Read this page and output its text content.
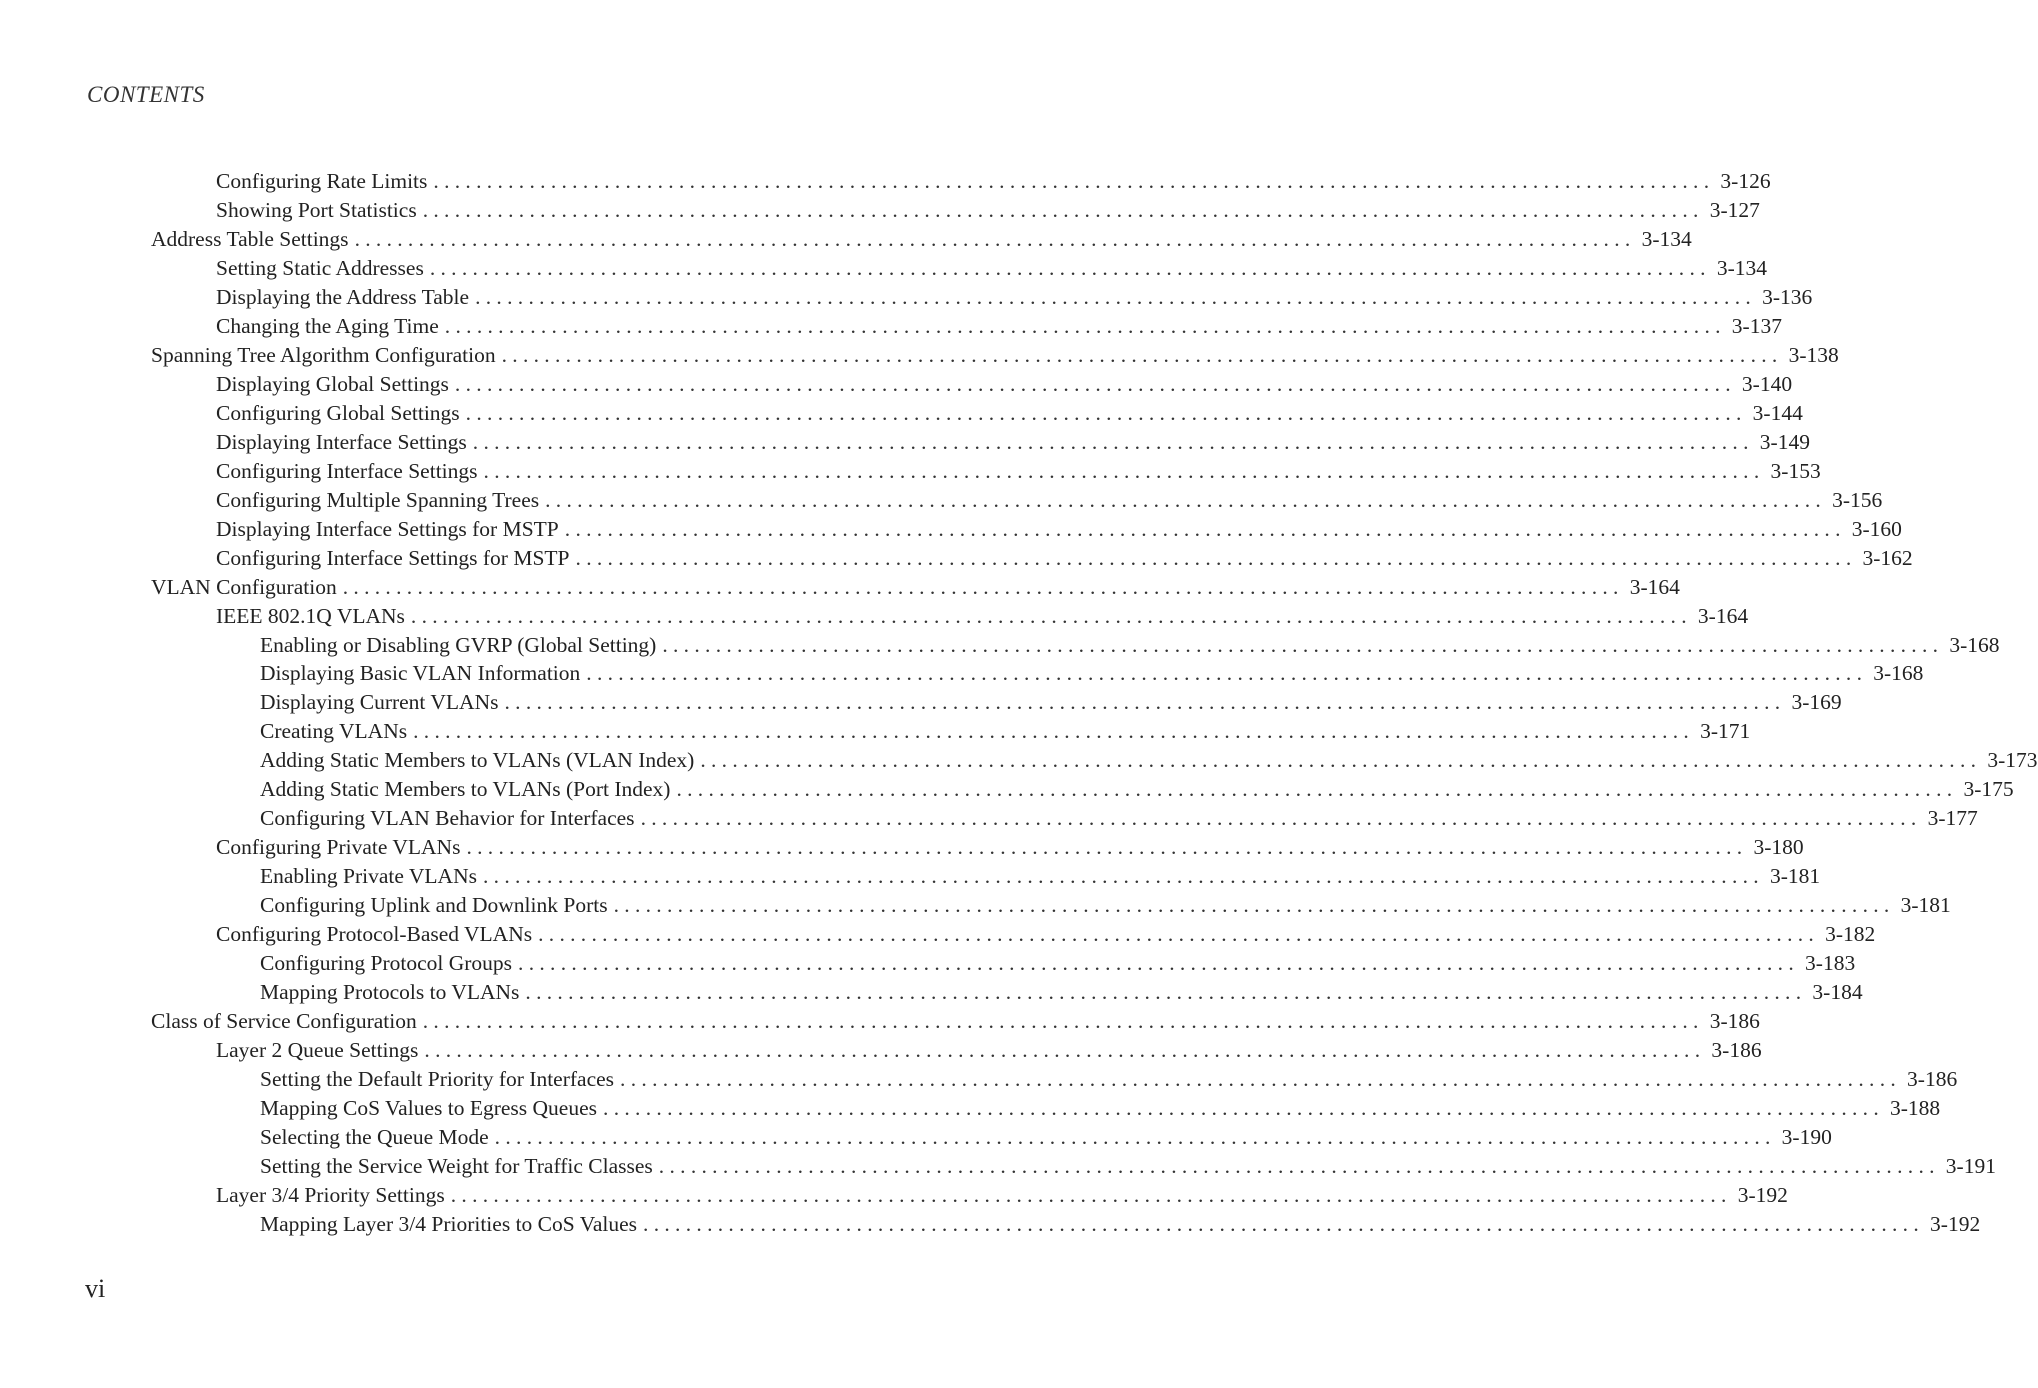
CONTENTS
Configuring Rate Limits ........................................................................................................................ 3-126
Showing Port Statistics ........................................................................................................................ 3-127
Address Table Settings ........................................................................................................................ 3-134
Setting Static Addresses ........................................................................................................................ 3-134
Displaying the Address Table ........................................................................................................................ 3-136
Changing the Aging Time ........................................................................................................................ 3-137
Spanning Tree Algorithm Configuration ........................................................................................................................ 3-138
Displaying Global Settings ........................................................................................................................ 3-140
Configuring Global Settings ........................................................................................................................ 3-144
Displaying Interface Settings ........................................................................................................................ 3-149
Configuring Interface Settings ........................................................................................................................ 3-153
Configuring Multiple Spanning Trees ........................................................................................................................ 3-156
Displaying Interface Settings for MSTP ........................................................................................................................ 3-160
Configuring Interface Settings for MSTP ........................................................................................................................ 3-162
VLAN Configuration ........................................................................................................................ 3-164
IEEE 802.1Q VLANs ........................................................................................................................ 3-164
Enabling or Disabling GVRP (Global Setting) ........................................................................................................................ 3-168
Displaying Basic VLAN Information ........................................................................................................................ 3-168
Displaying Current VLANs ........................................................................................................................ 3-169
Creating VLANs ........................................................................................................................ 3-171
Adding Static Members to VLANs (VLAN Index) ........................................................................................................................ 3-173
Adding Static Members to VLANs (Port Index) ........................................................................................................................ 3-175
Configuring VLAN Behavior for Interfaces ........................................................................................................................ 3-177
Configuring Private VLANs ........................................................................................................................ 3-180
Enabling Private VLANs ........................................................................................................................ 3-181
Configuring Uplink and Downlink Ports ........................................................................................................................ 3-181
Configuring Protocol-Based VLANs ........................................................................................................................ 3-182
Configuring Protocol Groups ........................................................................................................................ 3-183
Mapping Protocols to VLANs ........................................................................................................................ 3-184
Class of Service Configuration ........................................................................................................................ 3-186
Layer 2 Queue Settings ........................................................................................................................ 3-186
Setting the Default Priority for Interfaces ........................................................................................................................ 3-186
Mapping CoS Values to Egress Queues ........................................................................................................................ 3-188
Selecting the Queue Mode ........................................................................................................................ 3-190
Setting the Service Weight for Traffic Classes ........................................................................................................................ 3-191
Layer 3/4 Priority Settings ........................................................................................................................ 3-192
Mapping Layer 3/4 Priorities to CoS Values ........................................................................................................................ 3-192
vi
